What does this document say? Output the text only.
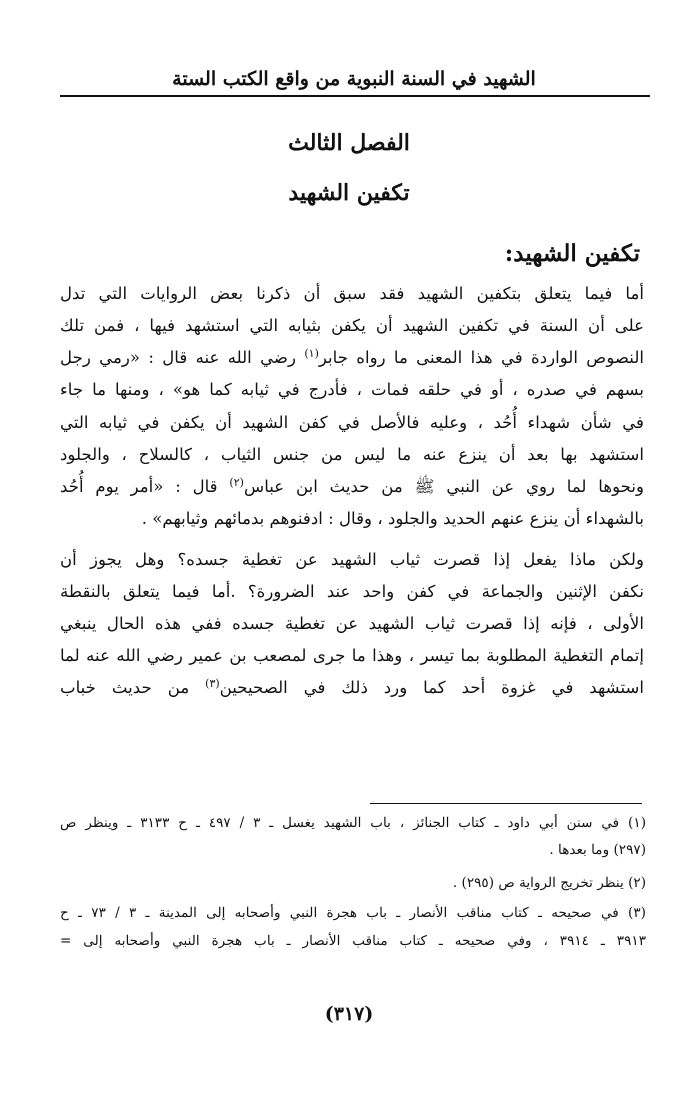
الشهيد في السنة النبوية من واقع الكتب الستة
الفصل الثالث
تكفين الشهيد
تكفين الشهيد:
أما فيما يتعلق بتكفين الشهيد فقد سبق أن ذكرنا بعض الروايات التي تدل
على أن السنة في تكفين الشهيد أن يكفن بثيابه التي استشهد فيها ، فمن تلك
النصوص الواردة في هذا المعنى ما رواه جابر$^{(١)}$ رضي الله عنه قال : «رمي رجل
بسهم في صدره ، أو في حلقه فمات ، فأدرج في ثيابه كما هو» ، ومنها ما جاء
في شأن شهداء أُحُد ، وعليه فالأصل في كفن الشهيد أن يكفن في ثيابه التي
استشهد بها بعد أن ينزع عنه ما ليس من جنس الثياب ، كالسلاح ، والجلود
ونحوها لما روي عن النبي ﷺ من حديث ابن عباس$^{(٢)}$ قال : «أمر يوم أُحُد
بالشهداء أن ينزع عنهم الحديد والجلود ، وقال : ادفنوهم بدمائهم وثيابهم» .
ولكن ماذا يفعل إذا قصرت ثياب الشهيد عن تغطية جسده؟ وهل يجوز أن
نكفن الإثنين والجماعة في كفن واحد عند الضرورة؟ .أما فيما يتعلق بالنقطة
الأولى ، فإنه إذا قصرت ثياب الشهيد عن تغطية جسده ففي هذه الحال ينبغي
إتمام التغطية المطلوبة بما تيسر ، وهذا ما جرى لمصعب بن عمير رضي الله عنه لما
استشهد في غزوة أحد كما ورد ذلك في الصحيحين$^{(٣)}$ من حديث خباب
(١) في سنن أبي داود ـ كتاب الجنائز ، باب الشهيد يغسل ـ ٣ / ٤٩٧ ـ ح ٣١٣٣ ـ وينظر ص
(٢٩٧) وما بعدها .
(٢) ينظر تخريج الرواية ص (٢٩٥) .
(٣) في صحيحه ـ كتاب مناقب الأنصار ـ باب هجرة النبي وأصحابه إلى المدينة ـ ٣ / ٧٣ ـ ح
٣٩١٣ ـ ٣٩١٤ ، وفي صحيحه ـ كتاب مناقب الأنصار ـ باب هجرة النبي وأصحابه إلى =
(٣١٧)
